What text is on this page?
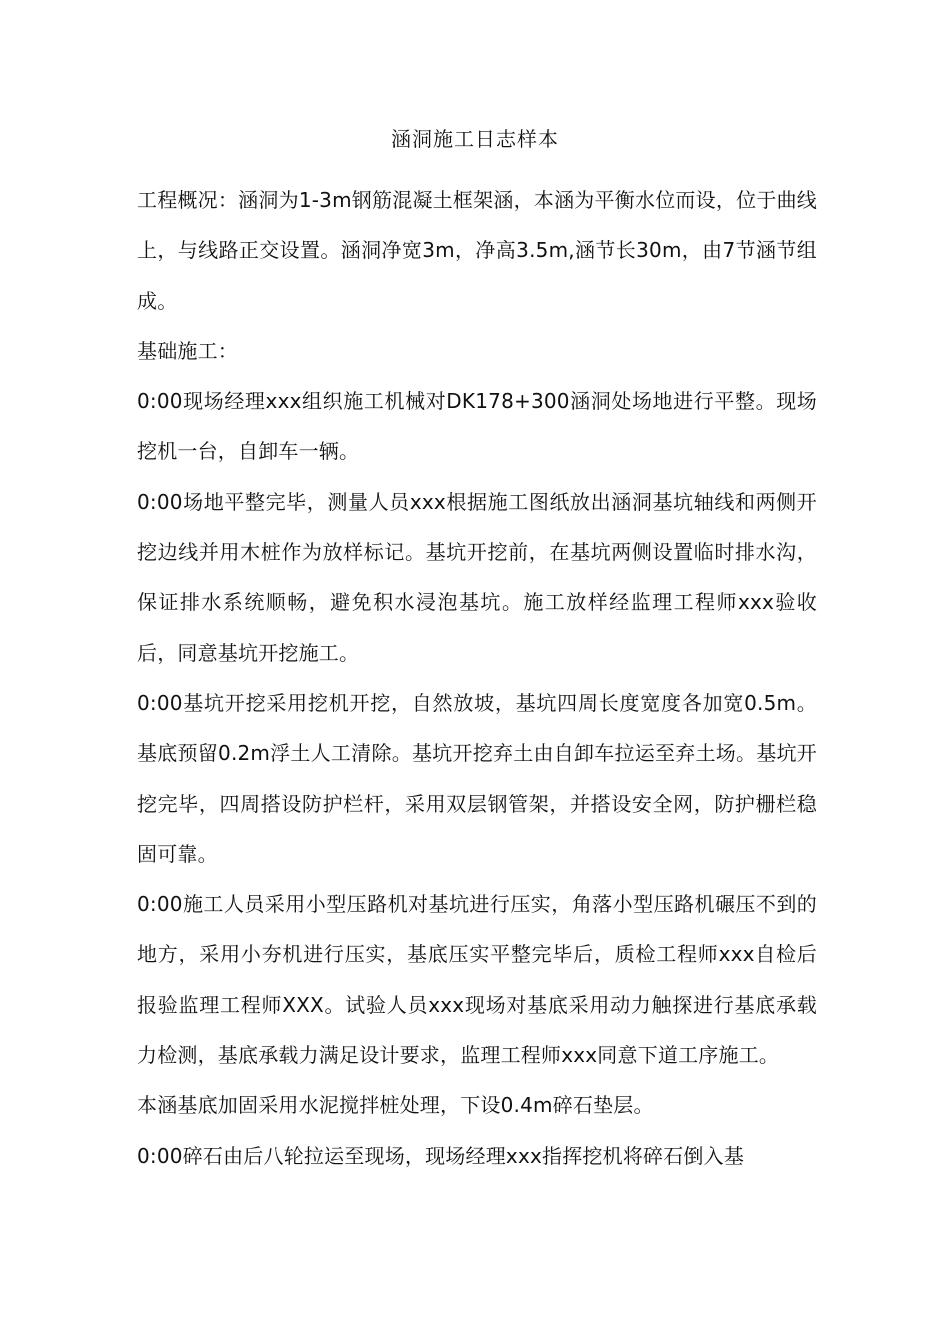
涵洞施工日志样本

工程概况：涵洞为1-3m钢筋混凝土框架涵，本涵为平衡水位而设，位于曲线上，与线路正交设置。涵洞净宽3m，净高3.5m,涵节长30m，由7节涵节组成。

基础施工：

0:00现场经理xxx组织施工机械对DK178+300涵洞处场地进行平整。现场挖机一台，自卸车一辆。

0:00场地平整完毕，测量人员xxx根据施工图纸放出涵洞基坑轴线和两侧开挖边线并用木桩作为放样标记。基坑开挖前，在基坑两侧设置临时排水沟，保证排水系统顺畅，避免积水浸泡基坑。施工放样经监理工程师xxx验收后，同意基坑开挖施工。

0:00基坑开挖采用挖机开挖，自然放坡，基坑四周长度宽度各加宽0.5m。基底预留0.2m浮土人工清除。基坑开挖弃土由自卸车拉运至弃土场。基坑开挖完毕，四周搭设防护栏杆，采用双层钢管架，并搭设安全网，防护栅栏稳固可靠。

0:00施工人员采用小型压路机对基坑进行压实，角落小型压路机碾压不到的地方，采用小夯机进行压实，基底压实平整完毕后，质检工程师xxx自检后报验监理工程师XXX。试验人员xxx现场对基底采用动力触探进行基底承载力检测，基底承载力满足设计要求，监理工程师xxx同意下道工序施工。

本涵基底加固采用水泥搅拌桩处理，下设0.4m碎石垫层。

0:00碎石由后八轮拉运至现场，现场经理xxx指挥挖机将碎石倒入基
